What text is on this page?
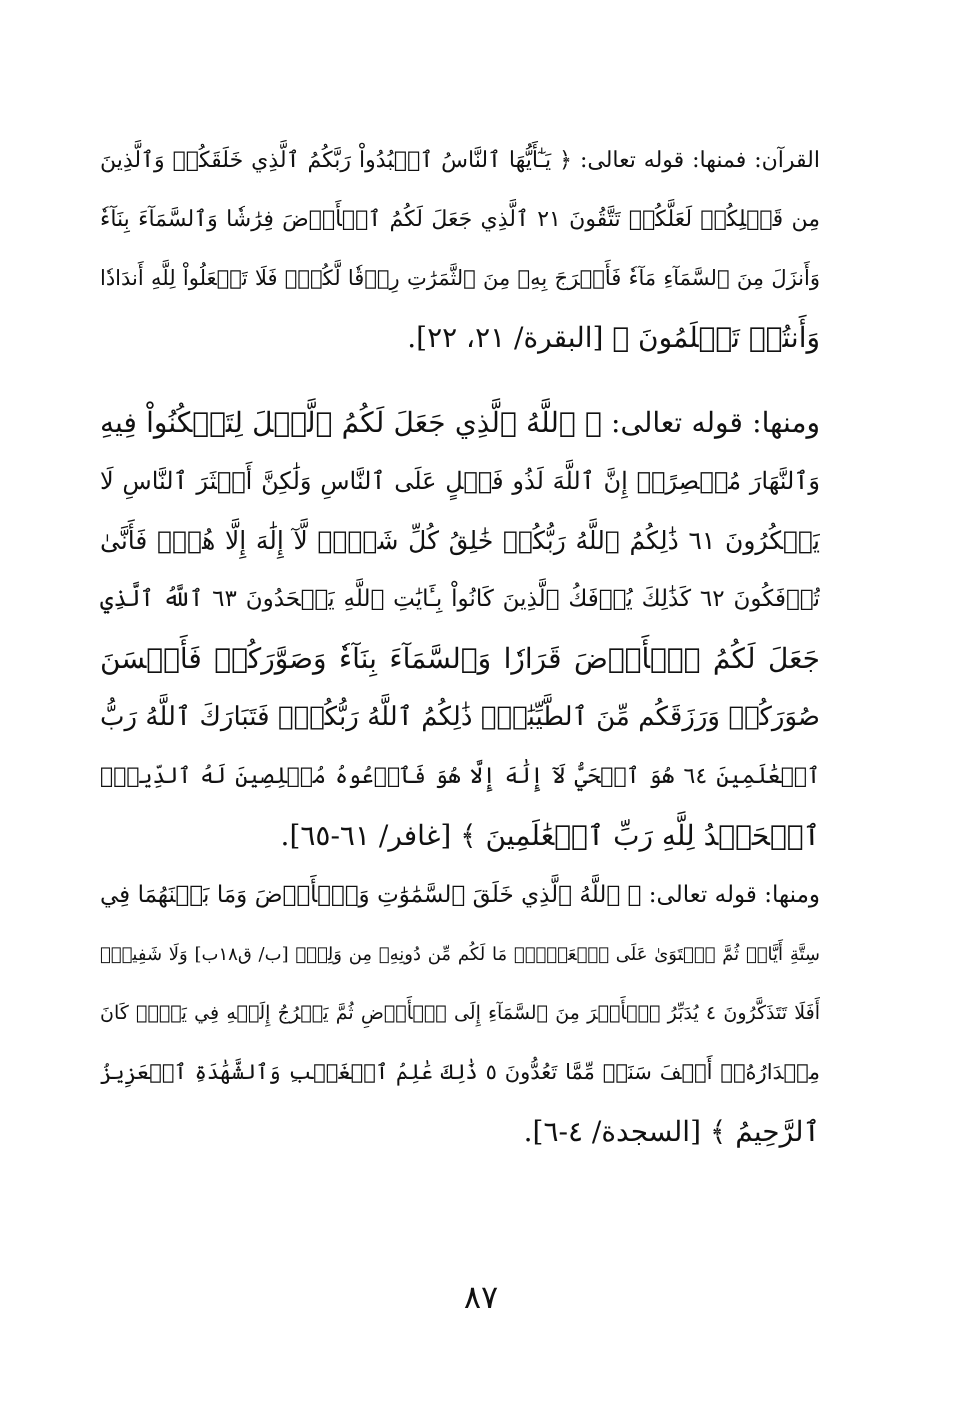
القرآن: فمنها: قوله تعالى: ﴿ يَـٰٓأَيُّهَا ٱلنَّاسُ ٱعۡبُدُواْ رَبَّكُمُ ٱلَّذِي خَلَقَكُمۡ وَٱلَّذِينَ
مِن قَبۡلِكُمۡ لَعَلَّكُمۡ تَتَّقُونَ ٢١ ٱلَّذِي جَعَلَ لَكُمُ ٱلۡأَرۡضَ فِرَٰشٗا وَٱلسَّمَآءَ بِنَآءٗ
وَأَنزَلَ مِنَ ٱلسَّمَآءِ مَآءٗ فَأَخۡرَجَ بِهِۦ مِنَ ٱلثَّمَرَٰتِ رِزۡقٗا لَّكُمۡۖ فَلَا تَجۡعَلُواْ لِلَّهِ أَندَادٗا
وَأَنتُمۡ تَعۡلَمُونَ ﴾ [البقرة/ ٢١، ٢٢].
ومنها: قوله تعالى: ﴿ ٱللَّهُ ٱلَّذِي جَعَلَ لَكُمُ ٱلَّيۡلَ لِتَسۡكُنُواْ فِيهِ
وَٱلنَّهَارَ مُبۡصِرًاۚ إِنَّ ٱللَّهَ لَذُو فَضۡلٍ عَلَى ٱلنَّاسِ وَلَٰكِنَّ أَكۡثَرَ ٱلنَّاسِ لَا
يَشۡكُرُونَ ٦١ ذَٰلِكُمُ ٱللَّهُ رَبُّكُمۡ خَٰلِقُ كُلِّ شَيۡءٖ لَّآ إِلَٰهَ إِلَّا هُوَۖ فَأَنَّىٰ
تُؤۡفَكُونَ ٦٢ كَذَٰلِكَ يُؤۡفَكُ ٱلَّذِينَ كَانُواْ بِـَٔايَٰتِ ٱللَّهِ يَجۡحَدُونَ ٦٣ ٱللَّهُ ٱلَّذِي
جَعَلَ لَكُمُ ٱلۡأَرۡضَ قَرَارٗا وَٱلسَّمَآءَ بِنَآءٗ وَصَوَّرَكُمۡ فَأَحۡسَنَ
صُوَرَكُمۡ وَرَزَقَكُم مِّنَ ٱلطَّيِّبَٰتِۚ ذَٰلِكُمُ ٱللَّهُ رَبُّكُمۡۖ فَتَبَارَكَ ٱللَّهُ رَبُّ
ٱلۡعَٰلَمِينَ ٦٤ هُوَ ٱلۡحَيُّ لَآ إِلَٰهَ إِلَّا هُوَ فَٱدۡعُوهُ مُخۡلِصِينَ لَهُ ٱلدِّينَۗ
ٱلۡحَمۡدُ لِلَّهِ رَبِّ ٱلۡعَٰلَمِينَ ﴾ [غافر/ ٦١-٦٥].
ومنها: قوله تعالى: ﴿ ٱللَّهُ ٱلَّذِي خَلَقَ ٱلسَّمَٰوَٰتِ وَٱلۡأَرۡضَ وَمَا بَيۡنَهُمَا فِي
سِتَّةِ أَيَّامٖ ثُمَّ ٱسۡتَوَىٰ عَلَى ٱلۡعَرۡشِۖ مَا لَكُم مِّن دُونِهِۦ مِن وَلِيّٖ [ب/ ق١٨ب] وَلَا شَفِيعٍۚ
أَفَلَا تَتَذَكَّرُونَ ٤ يُدَبِّرُ ٱلۡأَمۡرَ مِنَ ٱلسَّمَآءِ إِلَى ٱلۡأَرۡضِ ثُمَّ يَعۡرُجُ إِلَيۡهِ فِي يَوۡمٖ كَانَ
مِقۡدَارُهُۥٓ أَلۡفَ سَنَةٖ مِّمَّا تَعُدُّونَ ٥ ذَٰلِكَ عَٰلِمُ ٱلۡغَيۡبِ وَٱلشَّهَٰدَةِ ٱلۡعَزِيزُ
ٱلرَّحِيمُ ﴾ [السجدة/ ٤-٦].
٨٧
